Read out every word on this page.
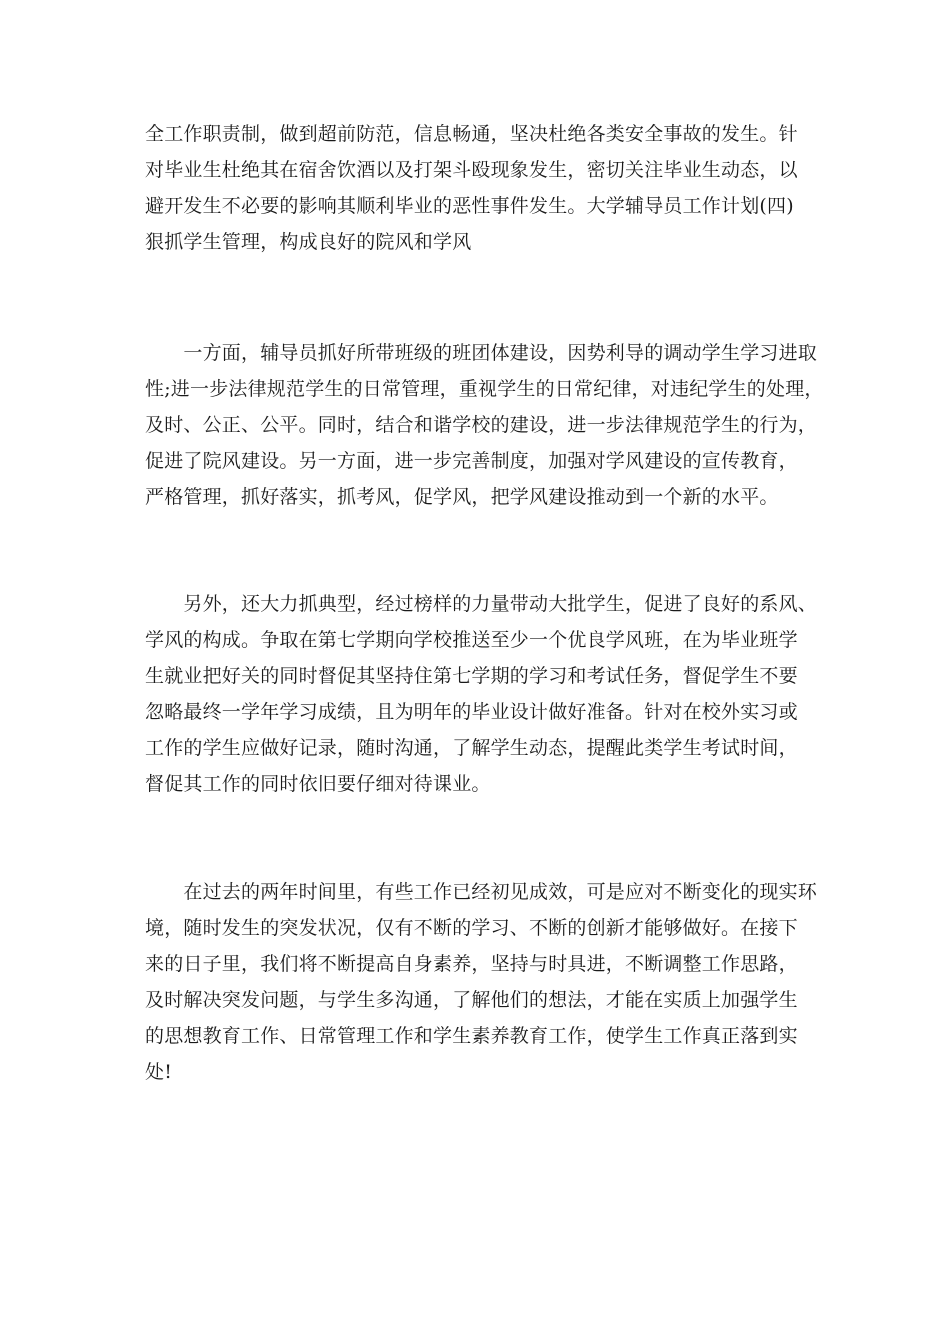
全工作职责制，做到超前防范，信息畅通，坚决杜绝各类安全事故的发生。针
对毕业生杜绝其在宿舍饮酒以及打架斗殴现象发生，密切关注毕业生动态，以
避开发生不必要的影响其顺利毕业的恶性事件发生。大学辅导员工作计划(四)
狠抓学生管理，构成良好的院风和学风

　　一方面，辅导员抓好所带班级的班团体建设，因势利导的调动学生学习进取
性;进一步法律规范学生的日常管理，重视学生的日常纪律，对违纪学生的处理，
及时、公正、公平。同时，结合和谐学校的建设，进一步法律规范学生的行为，
促进了院风建设。另一方面，进一步完善制度，加强对学风建设的宣传教育，
严格管理，抓好落实，抓考风，促学风，把学风建设推动到一个新的水平。

　　另外，还大力抓典型，经过榜样的力量带动大批学生，促进了良好的系风、
学风的构成。争取在第七学期向学校推送至少一个优良学风班，在为毕业班学
生就业把好关的同时督促其坚持住第七学期的学习和考试任务，督促学生不要
忽略最终一学年学习成绩，且为明年的毕业设计做好准备。针对在校外实习或
工作的学生应做好记录，随时沟通，了解学生动态，提醒此类学生考试时间，
督促其工作的同时依旧要仔细对待课业。

　　在过去的两年时间里，有些工作已经初见成效，可是应对不断变化的现实环
境，随时发生的突发状况，仅有不断的学习、不断的创新才能够做好。在接下
来的日子里，我们将不断提高自身素养，坚持与时具进，不断调整工作思路，
及时解决突发问题，与学生多沟通，了解他们的想法，才能在实质上加强学生
的思想教育工作、日常管理工作和学生素养教育工作，使学生工作真正落到实
处!
